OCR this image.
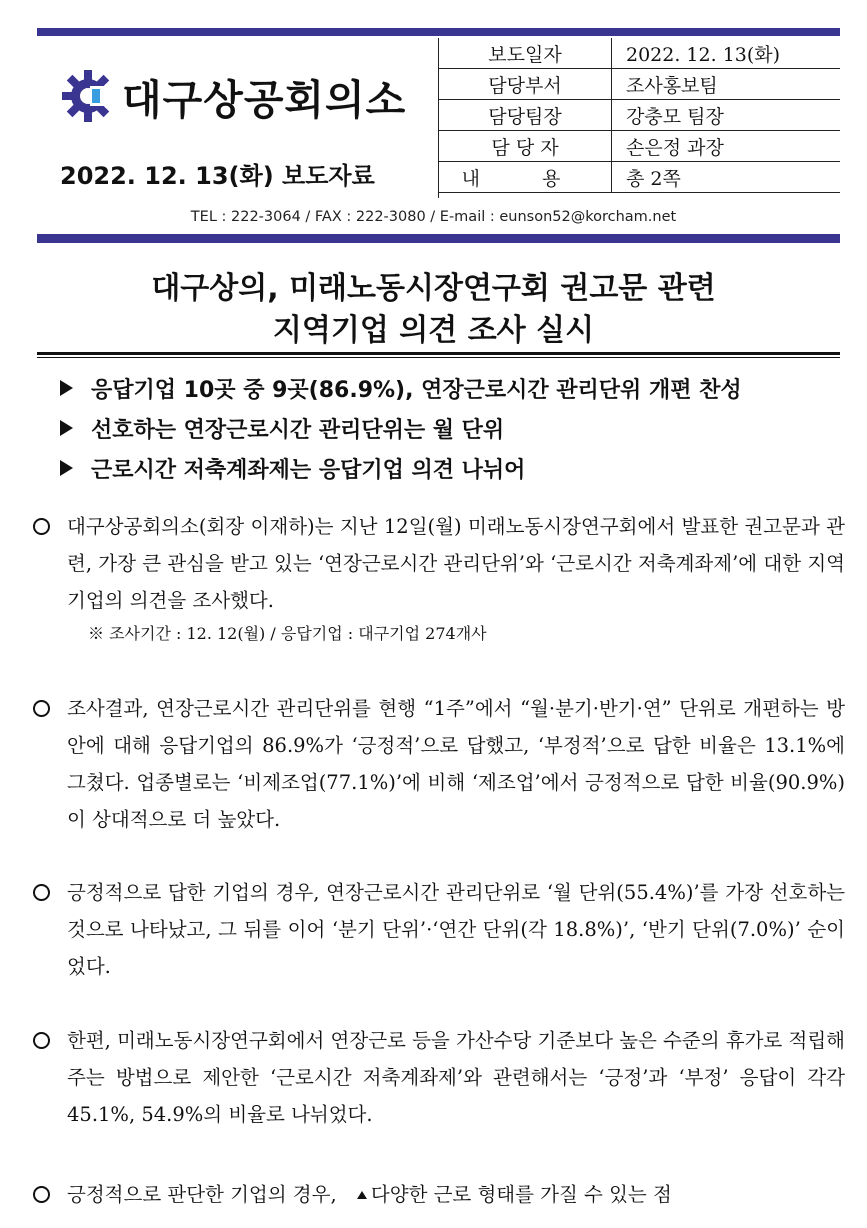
대구상공회의소
2022. 12. 13(화) 보도자료
보도일자	2022. 12. 13(화)
담당부서	조사홍보팀
담당팀장	강충모 팀장
담 당 자	손은정 과장
내 용	총 2쪽
TEL : 222-3064 / FAX : 222-3080 / E-mail : eunson52@korcham.net
대구상의, 미래노동시장연구회 권고문 관련
지역기업 의견 조사 실시
응답기업 10곳 중 9곳(86.9%), 연장근로시간 관리단위 개편 찬성
선호하는 연장근로시간 관리단위는 월 단위
근로시간 저축계좌제는 응답기업 의견 나뉘어
대구상공회의소(회장 이재하)는 지난 12일(월) 미래노동시장연구회에서 발표한 권고문과 관련, 가장 큰 관심을 받고 있는 ‘연장근로시간 관리단위’와 ‘근로시간 저축계좌제’에 대한 지역기업의 의견을 조사했다.
※ 조사기간 : 12. 12(월) / 응답기업 : 대구기업 274개사
조사결과, 연장근로시간 관리단위를 현행 “1주”에서 “월·분기·반기·연” 단위로 개편하는 방안에 대해 응답기업의 86.9%가 ‘긍정적’으로 답했고, ‘부정적’으로 답한 비율은 13.1%에 그쳤다. 업종별로는 ‘비제조업(77.1%)’에 비해 ‘제조업’에서 긍정적으로 답한 비율(90.9%)이 상대적으로 더 높았다.
긍정적으로 답한 기업의 경우, 연장근로시간 관리단위로 ‘월 단위(55.4%)’를 가장 선호하는 것으로 나타났고, 그 뒤를 이어 ‘분기 단위’·‘연간 단위(각 18.8%)’, ‘반기 단위(7.0%)’ 순이었다.
한편, 미래노동시장연구회에서 연장근로 등을 가산수당 기준보다 높은 수준의 휴가로 적립해주는 방법으로 제안한 ‘근로시간 저축계좌제’와 관련해서는 ‘긍정’과 ‘부정’ 응답이 각각 45.1%, 54.9%의 비율로 나뉘었다.
긍정적으로 판단한 기업의 경우, 다양한 근로 형태를 가질 수 있는 점
